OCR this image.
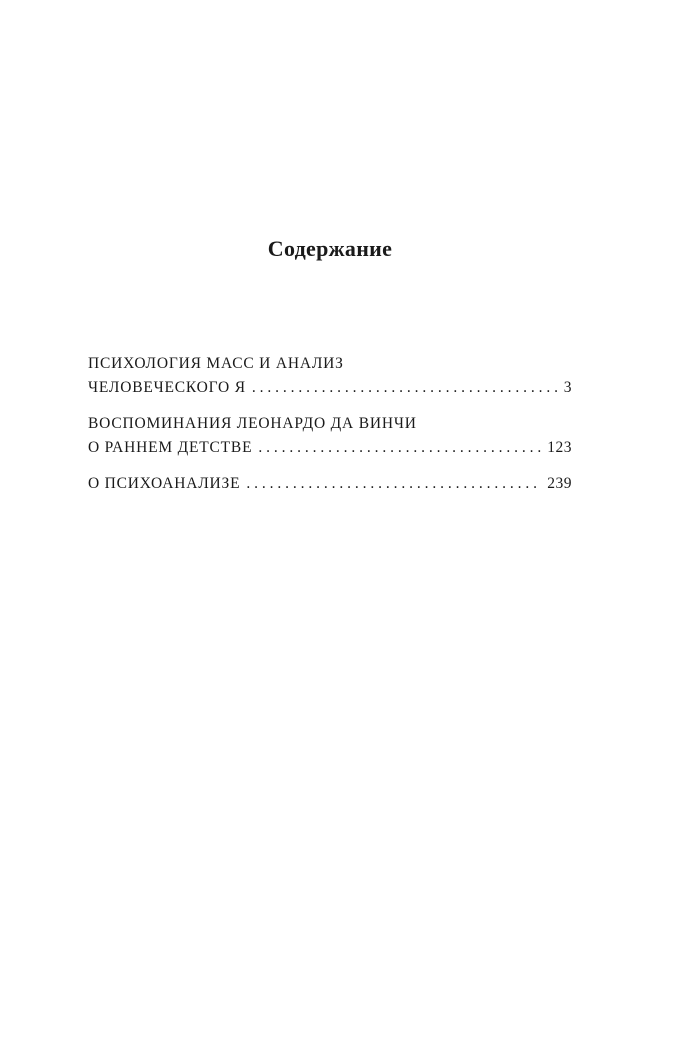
Содержание
ПСИХОЛОГИЯ МАСС И АНАЛИЗ
ЧЕЛОВЕЧЕСКОГО Я . . .	3
ВОСПОМИНАНИЯ ЛЕОНАРДО ДА ВИНЧИ
О РАННЕМ ДЕТСТВЕ . . .	123
О ПСИХОАНАЛИЗЕ . . .	239
